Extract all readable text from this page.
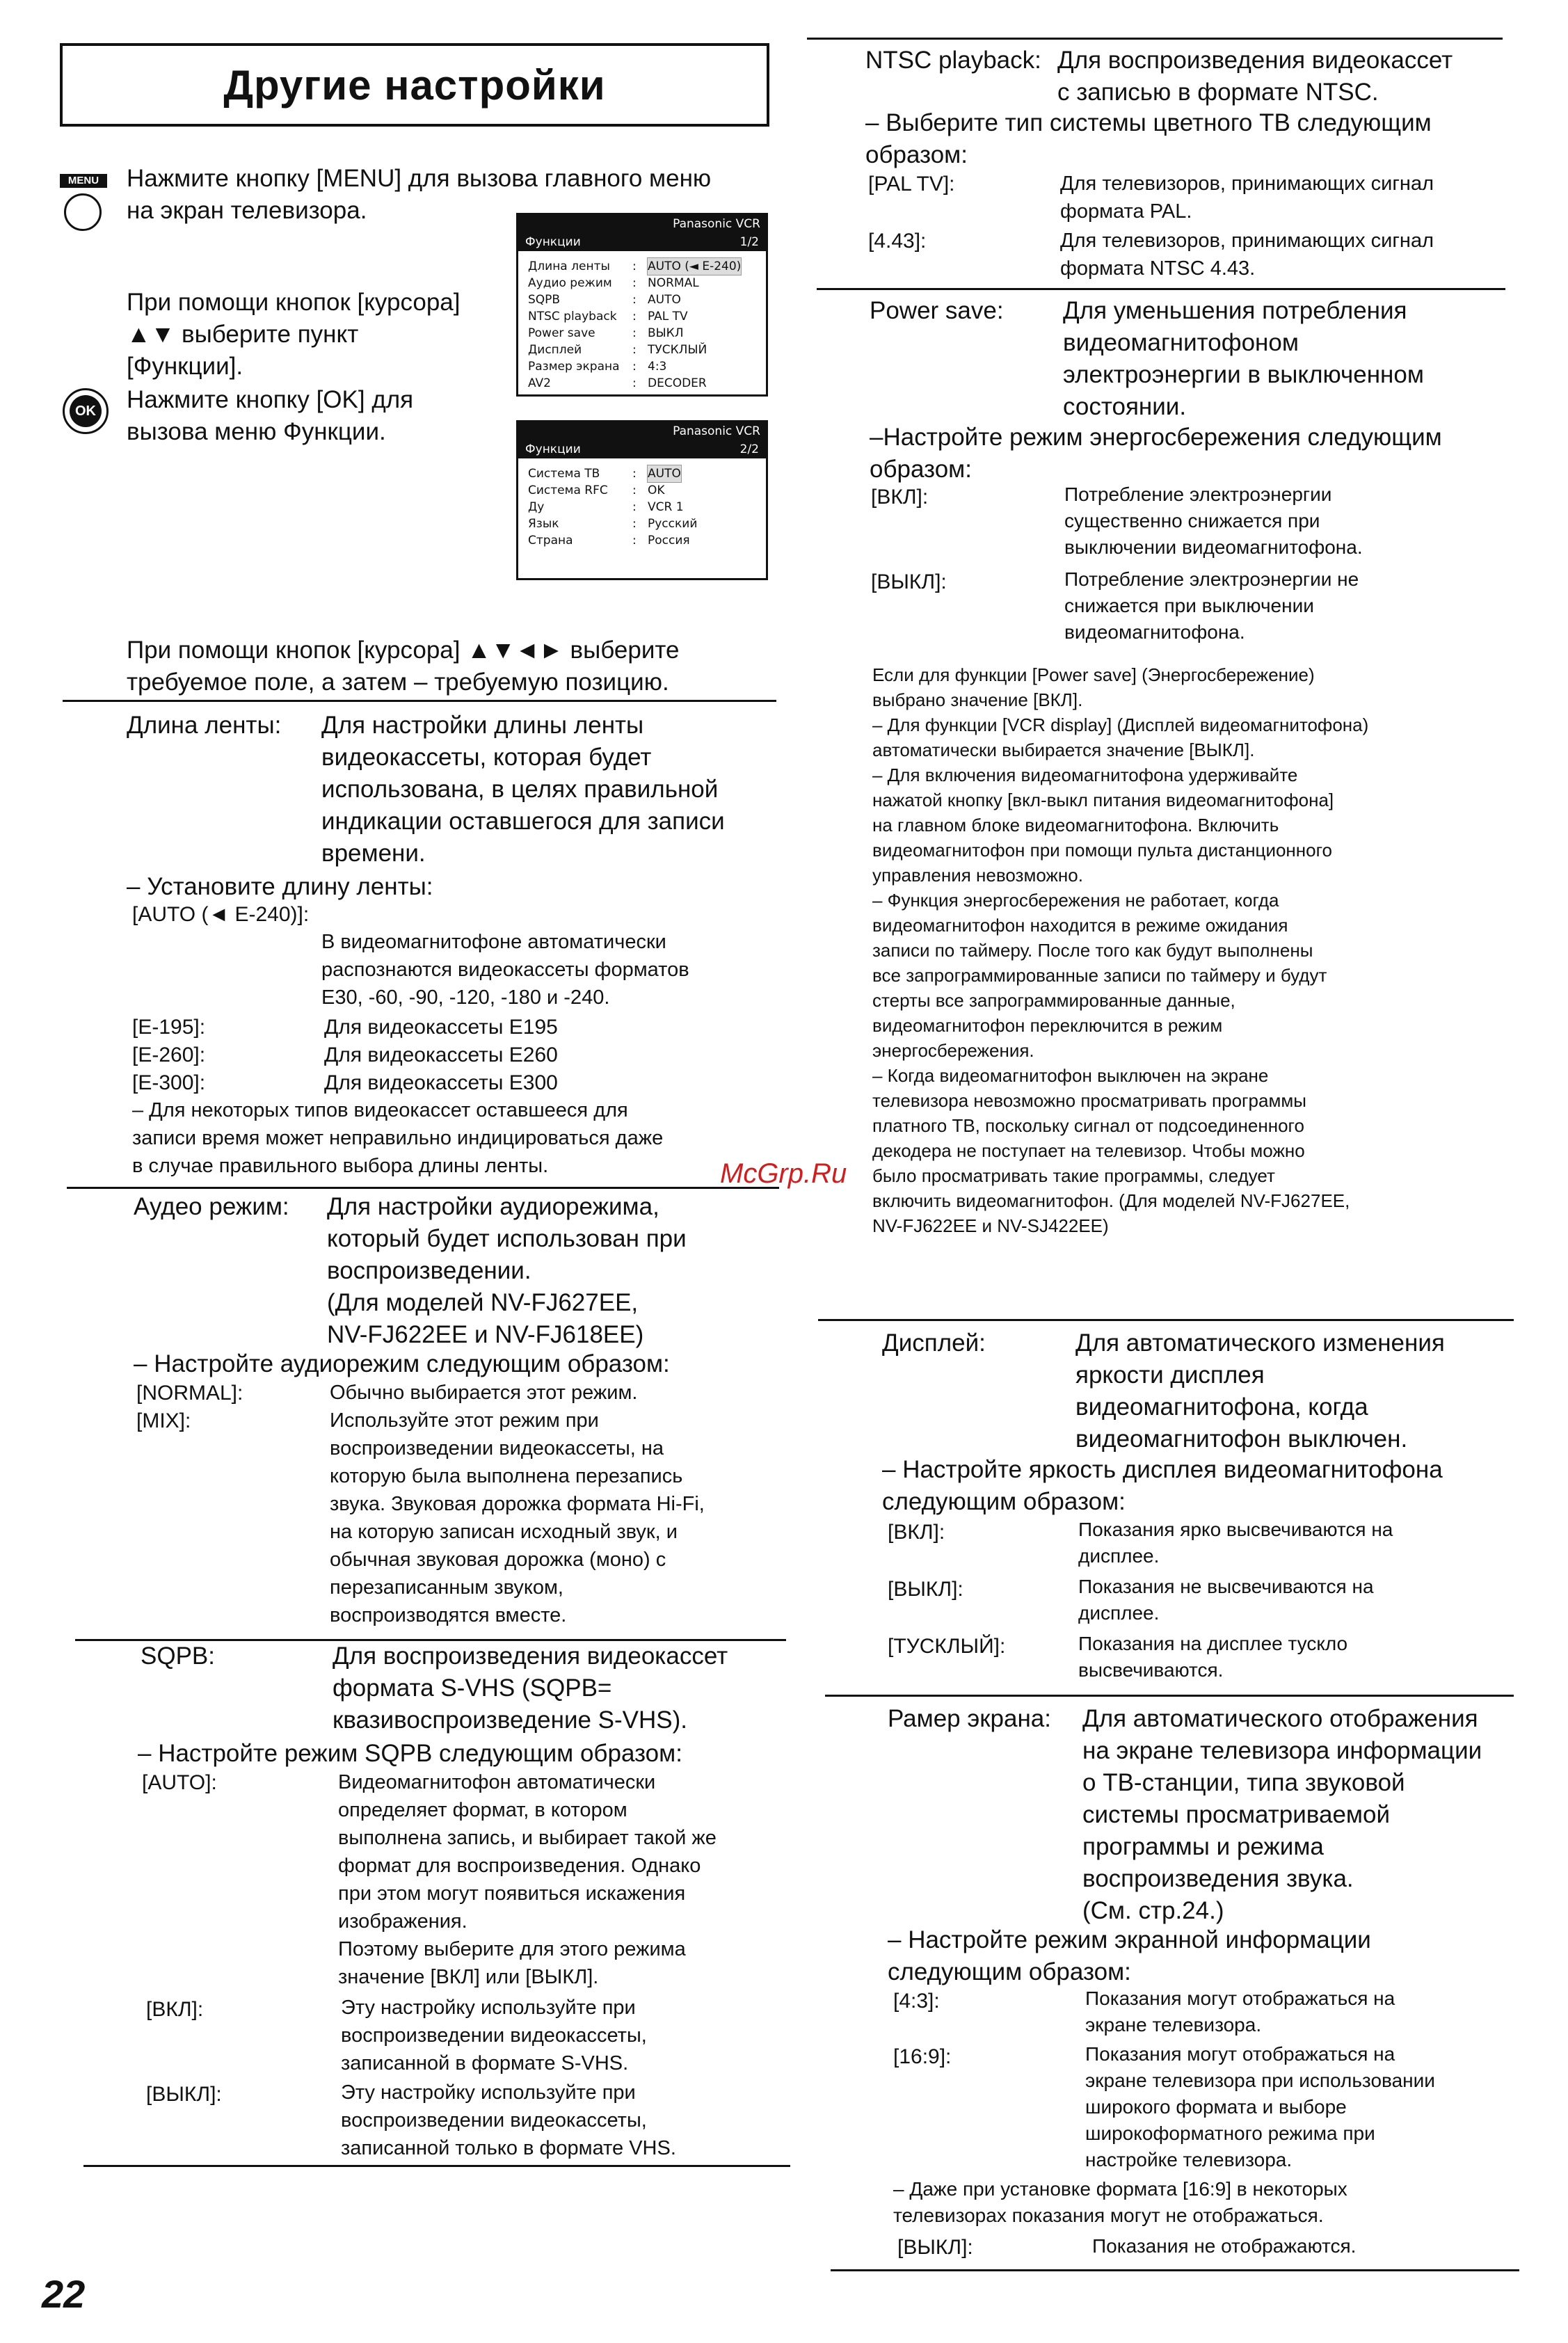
Другие настройки
MENU	Нажмите кнопку [MENU] для вызова главного меню
на экран телевизора.
При помощи кнопок [курсора]
▲▼ выберите пункт
[Функции].
OK Нажмите кнопку [OK] для
вызова меню Функции.
Panasonic VCR
Функции	1/2
Длина ленты	: AUTO (◄ E-240)
Аудио режим	: NORMAL
SQPB	: AUTO
NTSC playback	: PAL TV
Power save	: ВЫКЛ
Дисплей	: ТУСКЛЫЙ
Размер экрана	: 4:3
AV2	: DECODER
Panasonic VCR
Функции	2/2
Система ТВ	: AUTO
Система RFC	: OK
Ду	: VCR 1
Язык	: Русский
Страна	: Россия
При помощи кнопок [курсора] ▲▼◄► выберите
требуемое поле, а затем – требуемую позицию.
Длина ленты: Для настройки длины ленты
видеокассеты, которая будет
использована, в целях правильной
индикации оставшегося для записи
времени.
– Установите длину ленты:
[AUTO (◄ E-240)]:
В видеомагнитофоне автоматически
распознаются видеокассеты форматов
E30, -60, -90, -120, -180 и -240.
[E-195]:	Для видеокассеты E195
[E-260]:	Для видеокассеты E260
[E-300]:	Для видеокассеты E300
– Для некоторых типов видеокассет оставшееся для
записи время может неправильно индицироваться даже
в случае правильного выбора длины ленты.
Аудео режим: Для настройки аудиорежима,
который будет использован при
воспроизведении.
(Для моделей NV-FJ627EE,
NV-FJ622EE и NV-FJ618EE)
– Настройте аудиорежим следующим образом:
[NORMAL]:	Обычно выбирается этот режим.
[MIX]:	Используйте этот режим при
воспроизведении видеокассеты, на
которую была выполнена перезапись
звука. Звуковая дорожка формата Hi-Fi,
на которую записан исходный звук, и
обычная звуковая дорожка (моно) с
перезаписанным звуком,
воспроизводятся вместе.
SQPB:	Для воспроизведения видеокассет
формата S-VHS (SQPB=
квазивоспроизведение S-VHS).
– Настройте режим SQPB следующим образом:
[AUTO]:	Видеомагнитофон автоматически
определяет формат, в котором
выполнена запись, и выбирает такой же
формат для воспроизведения. Однако
при этом могут появиться искажения
изображения.
Поэтому выберите для этого режима
значение [ВКЛ] или [ВЫКЛ].
[ВКЛ]:	Эту настройку используйте при
воспроизведении видеокассеты,
записанной в формате S-VHS.
[ВЫКЛ]:	Эту настройку используйте при
воспроизведении видеокассеты,
записанной только в формате VHS.
22
NTSC playback: Для воспроизведения видеокассет
с записью в формате NTSC.
– Выберите тип системы цветного ТВ следующим
образом:
[PAL TV]:	Для телевизоров, принимающих сигнал
формата PAL.
[4.43]:	Для телевизоров, принимающих сигнал
формата NTSC 4.43.
Power save: Для уменьшения потребления
видеомагнитофоном
электроэнергии в выключенном
состоянии.
–Настройте режим энергосбережения следующим
образом:
[ВКЛ]:	Потребление электроэнергии
существенно снижается при
выключении видеомагнитофона.
[ВЫКЛ]:	Потребление электроэнергии не
снижается при выключении
видеомагнитофона.
Если для функции [Power save] (Энергосбережение)
выбрано значение [ВКЛ].
– Для функции [VCR display] (Дисплей видеомагнитофона)
автоматически выбирается значение [ВЫКЛ].
– Для включения видеомагнитофона удерживайте
нажатой кнопку [вкл-выкл питания видеомагнитофона]
на главном блоке видеомагнитофона. Включить
видеомагнитофон при помощи пульта дистанционного
управления невозможно.
– Функция энергосбережения не работает, когда
видеомагнитофон находится в режиме ожидания
записи по таймеру. После того как будут выполнены
все запрограммированные записи по таймеру и будут
стерты все запрограммированные данные,
видеомагнитофон переключится в режим
энергосбережения.
– Когда видеомагнитофон выключен на экране
телевизора невозможно просматривать программы
платного ТВ, поскольку сигнал от подсоединенного
декодера не поступает на телевизор. Чтобы можно
было просматривать такие программы, следует
включить видеомагнитофон. (Для моделей NV-FJ627EE,
NV-FJ622EE и NV-SJ422EE)
Дисплей:	Для автоматического изменения
яркости дисплея
видеомагнитофона, когда
видеомагнитофон выключен.
– Настройте яркость дисплея видеомагнитофона
следующим образом:
[ВКЛ]:	Показания ярко высвечиваются на
дисплее.
[ВЫКЛ]:	Показания не высвечиваются на
дисплее.
[ТУСКЛЫЙ]:	Показания на дисплее тускло
высвечиваются.
Рамер экрана: Для автоматического отображения
на экране телевизора информации
о ТВ-станции, типа звуковой
системы просматриваемой
программы и режима
воспроизведения звука.
(См. стр.24.)
– Настройте режим экранной информации
следующим образом:
[4:3]:	Показания могут отображаться на
экране телевизора.
[16:9]:	Показания могут отображаться на
экране телевизора при использовании
широкого формата и выборе
широкоформатного режима при
настройке телевизора.
– Даже при установке формата [16:9] в некоторых
телевизорах показания могут не отображаться.
[ВЫКЛ]:	Показания не отображаются.
McGrp.Ru
